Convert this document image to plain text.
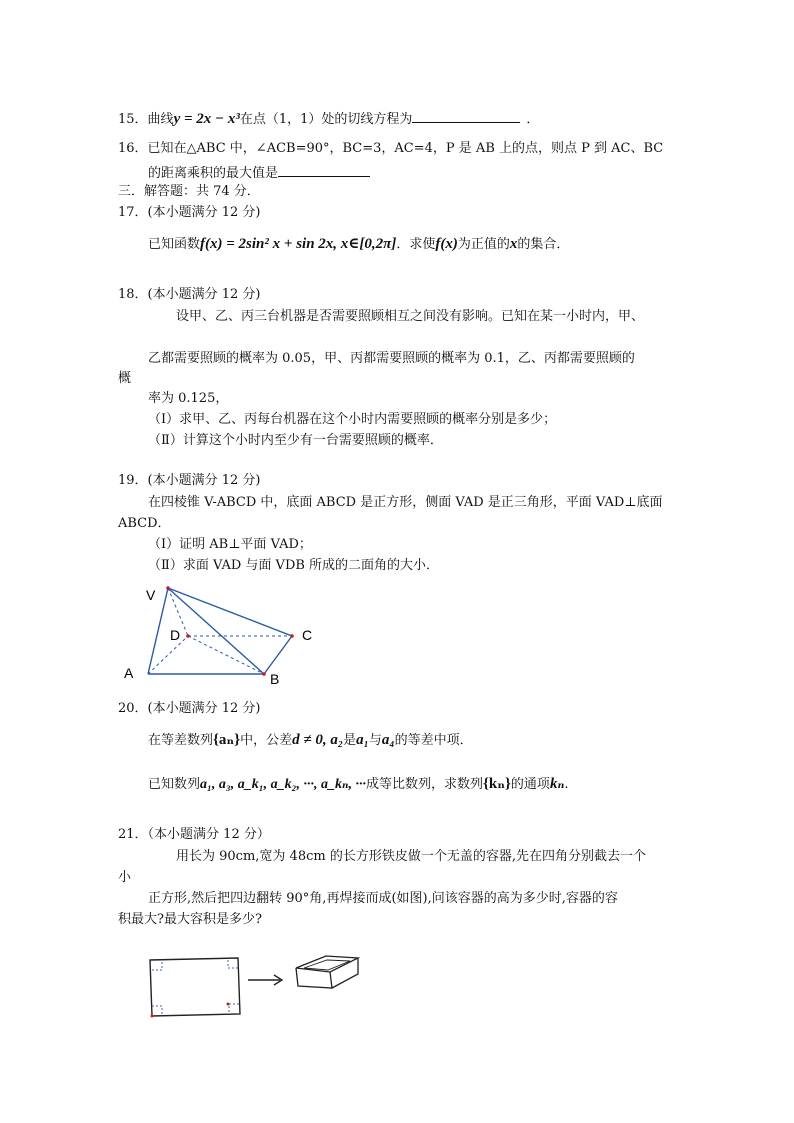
15．曲线y = 2x − x³在点（1，1）处的切线方程为	．
16．已知在△ABC 中，∠ACB=90°，BC=3，AC=4，P 是 AB 上的点，则点 P 到 AC、BC
的距离乘积的最大值是
三．解答题：共 74 分．
17．(本小题满分 12 分)
已知函数f(x) = 2sin² x + sin 2x, x∈[0,2π]．求使f(x)为正值的x的集合．
18．(本小题满分 12 分)
设甲、乙、丙三台机器是否需要照顾相互之间没有影响。已知在某一小时内，甲、
乙都需要照顾的概率为 0.05，甲、丙都需要照顾的概率为 0.1，乙、丙都需要照顾的
概
率为 0.125，
（Ⅰ）求甲、乙、丙每台机器在这个小时内需要照顾的概率分别是多少；
（Ⅱ）计算这个小时内至少有一台需要照顾的概率．
19．(本小题满分 12 分)
在四棱锥 V-ABCD 中，底面 ABCD 是正方形，侧面 VAD 是正三角形，平面 VAD⊥底面
ABCD．
（Ⅰ）证明 AB⊥平面 VAD；
（Ⅱ）求面 VAD 与面 VDB 所成的二面角的大小．
V
D	C
A	B
20．(本小题满分 12 分)
在等差数列{aₙ}中，公差d ≠ 0, a₂是a₁与a₄的等差中项．
已知数列a₁, a₃, a_k₁, a_k₂, ···, a_kₙ, ···成等比数列，求数列{kₙ}的通项kₙ.
21．（本小题满分 12 分）
用长为 90cm,宽为 48cm 的长方形铁皮做一个无盖的容器,先在四角分别截去一个
小
正方形,然后把四边翻转 90°角,再焊接而成(如图),问该容器的高为多少时,容器的容
积最大?最大容积是多少?
